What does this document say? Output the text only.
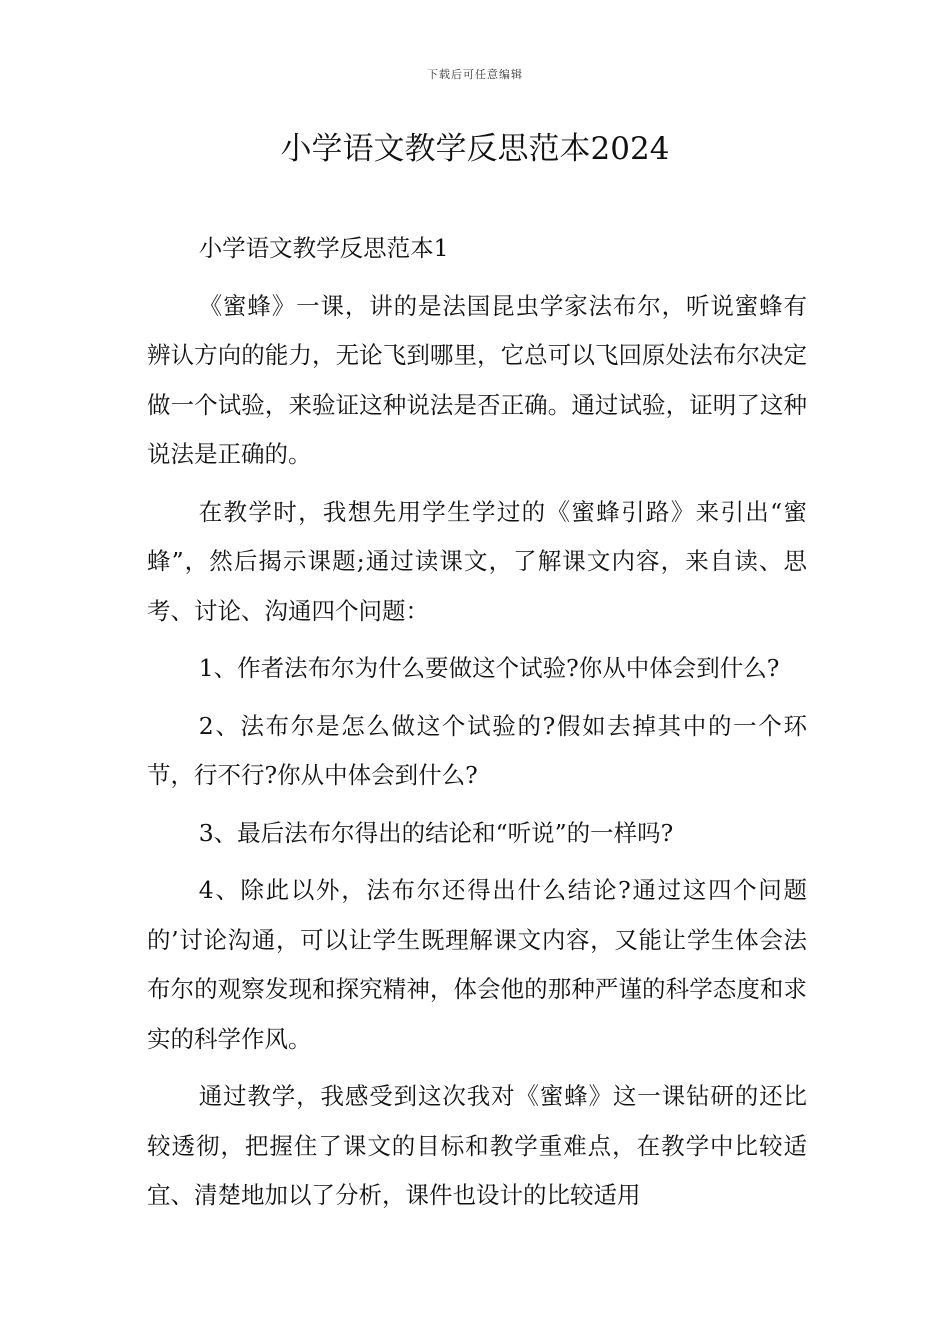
下载后可任意编辑
小学语文教学反思范本2024

小学语文教学反思范本1

《蜜蜂》一课，讲的是法国昆虫学家法布尔，听说蜜蜂有辨认方向的能力，无论飞到哪里，它总可以飞回原处法布尔决定做一个试验，来验证这种说法是否正确。通过试验，证明了这种说法是正确的。

在教学时，我想先用学生学过的《蜜蜂引路》来引出“蜜蜂”，然后揭示课题;通过读课文，了解课文内容，来自读、思考、讨论、沟通四个问题：

1、作者法布尔为什么要做这个试验?你从中体会到什么?

2、法布尔是怎么做这个试验的?假如去掉其中的一个环节，行不行?你从中体会到什么?

3、最后法布尔得出的结论和“听说”的一样吗?

4、除此以外，法布尔还得出什么结论?通过这四个问题的’讨论沟通，可以让学生既理解课文内容，又能让学生体会法布尔的观察发现和探究精神，体会他的那种严谨的科学态度和求实的科学作风。

通过教学，我感受到这次我对《蜜蜂》这一课钻研的还比较透彻，把握住了课文的目标和教学重难点，在教学中比较适宜、清楚地加以了分析，课件也设计的比较适用
